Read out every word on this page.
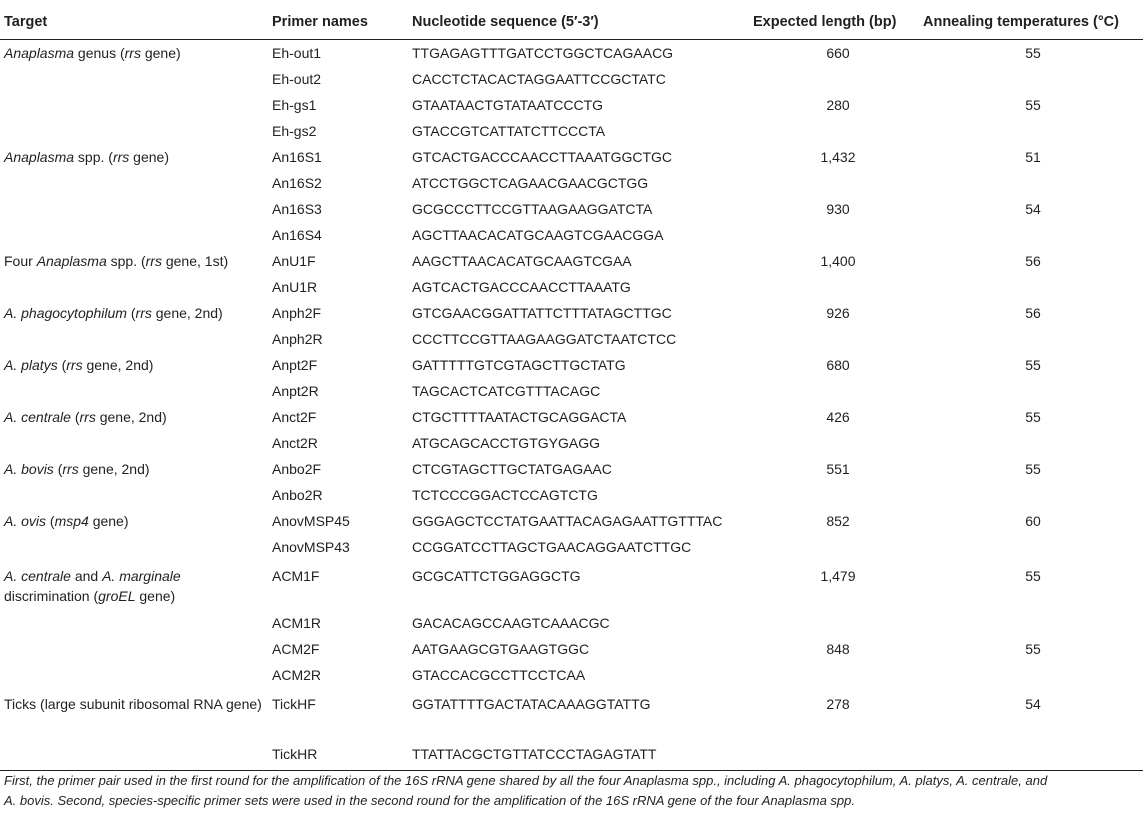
Target	Primer names	Nucleotide sequence (5′-3′)	Expected length (bp)	Annealing temperatures (°C)
Anaplasma genus (rrs gene)	Eh-out1	TTGAGAGTTTGATCCTGGCTCAGAACG	660	55
	Eh-out2	CACCTCTACACTAGGAATTCCGCTATC		
	Eh-gs1	GTAATAACTGTATAATCCCTG	280	55
	Eh-gs2	GTACCGTCATTATCTTCCCTA		
Anaplasma spp. (rrs gene)	An16S1	GTCACTGACCCAACCTTAAATGGCTGC	1,432	51
	An16S2	ATCCTGGCTCAGAACGAACGCTGG		
	An16S3	GCGCCCTTCCGTTAAGAAGGATCTA	930	54
	An16S4	AGCTTAACACATGCAAGTCGAACGGA		
Four Anaplasma spp. (rrs gene, 1st)	AnU1F	AAGCTTAACACATGCAAGTCGAA	1,400	56
	AnU1R	AGTCACTGACCCAACCTTAAATG		
A. phagocytophilum (rrs gene, 2nd)	Anph2F	GTCGAACGGATTATTCTTTATAGCTTGC	926	56
	Anph2R	CCCTTCCGTTAAGAAGGATCTAATCTCC		
A. platys (rrs gene, 2nd)	Anpt2F	GATTTTTGTCGTAGCTTGCTATG	680	55
	Anpt2R	TAGCACTCATCGTTTACAGC		
A. centrale (rrs gene, 2nd)	Anct2F	CTGCTTTTAATACTGCAGGACTA	426	55
	Anct2R	ATGCAGCACCTGTGYGAGG		
A. bovis (rrs gene, 2nd)	Anbo2F	CTCGTAGCTTGCTATGAGAAC	551	55
	Anbo2R	TCTCCCGGACTCCAGTCTG		
A. ovis (msp4 gene)	AnovMSP45	GGGAGCTCCTATGAATTACAGAGAATTGTTTAC	852	60
	AnovMSP43	CCGGATCCTTAGCTGAACAGGAATCTTGC		
A. centrale and A. marginale discrimination (groEL gene)	ACM1F	GCGCATTCTGGAGGCTG	1,479	55
	ACM1R	GACACAGCCAAGTCAAACGC		
	ACM2F	AATGAAGCGTGAAGTGGC	848	55
	ACM2R	GTACCACGCCTTCCTCAA		
Ticks (large subunit ribosomal RNA gene)	TickHF	GGTATTTTGACTATACAAAGGTATTG	278	54
	TickHR	TTATTACGCTGTTATCCCTAGAGTATT		
First, the primer pair used in the first round for the amplification of the 16S rRNA gene shared by all the four Anaplasma spp., including A. phagocytophilum, A. platys, A. centrale, and
A. bovis. Second, species-specific primer sets were used in the second round for the amplification of the 16S rRNA gene of the four Anaplasma spp.
